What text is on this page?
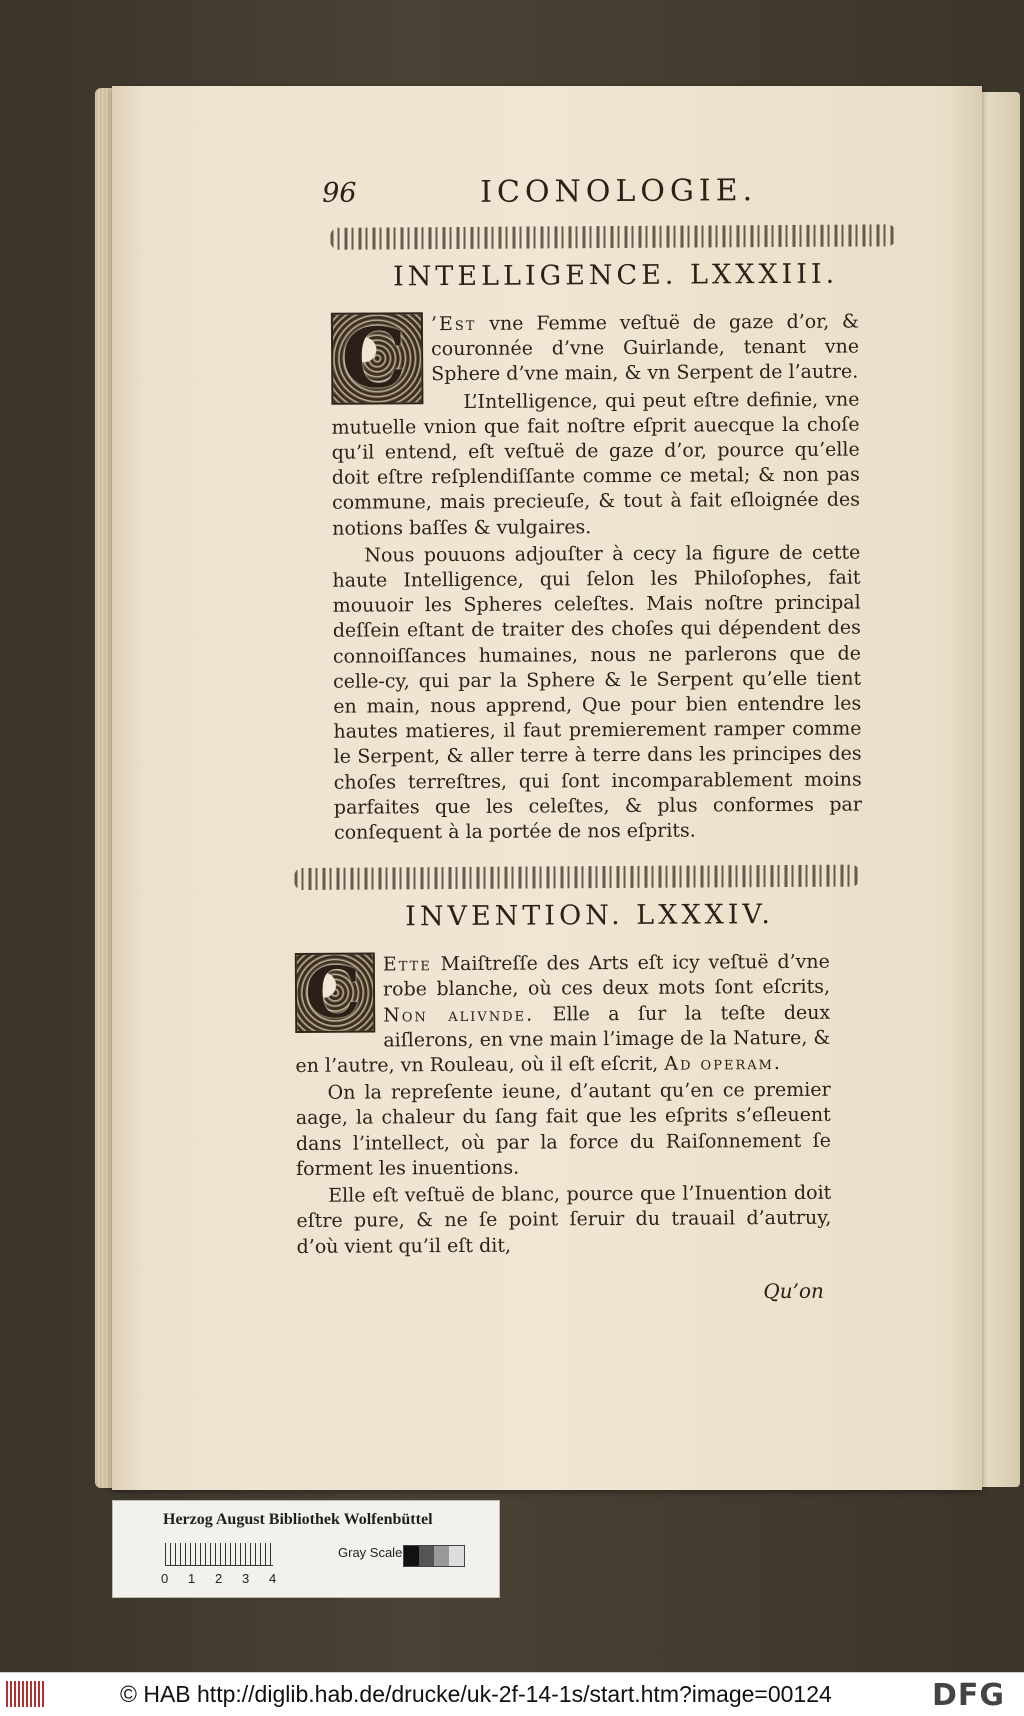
96	ICONOLOGIE.
INTELLIGENCE. LXXXIII.
C	’Est vne Femme veſtuë de gaze d’or, & couronnée d’vne Guirlande, tenant vne Sphere d’vne main, & vn Serpent de l’autre.

L’Intelligence, qui peut eſtre definie, vne mutuelle vnion que fait noſtre eſprit auecque la choſe qu’il entend, eſt veſtuë de gaze d’or, pource qu’elle doit eſtre reſplendiſſante comme ce metal; & non pas commune, mais precieuſe, & tout à fait eſloignée des notions baſſes & vulgaires.

Nous pouuons adjouſter à cecy la figure de cette haute Intelligence, qui ſelon les Philoſophes, fait mouuoir les Spheres celeſtes. Mais noſtre principal deſſein eſtant de traiter des choſes qui dépendent des connoiſſances humaines, nous ne parlerons que de celle-cy, qui par la Sphere & le Serpent qu’elle tient en main, nous apprend, Que pour bien entendre les hautes matieres, il faut premierement ramper comme le Serpent, & aller terre à terre dans les principes des choſes terreſtres, qui ſont incomparablement moins parfaites que les celeſtes, & plus conformes par conſequent à la portée de nos eſprits.

INVENTION. LXXXIV.
C	Ette Maiſtreſſe des Arts eſt icy veſtuë d’vne robe blanche, où ces deux mots ſont eſcrits, Non alivnde. Elle a ſur la teſte deux aiſlerons, en vne main l’image de la Nature, & en l’autre, vn Rouleau, où il eſt eſcrit, Ad operam.

On la repreſente ieune, d’autant qu’en ce premier aage, la chaleur du ſang fait que les eſprits s’eſleuent dans l’intellect, où par la force du Raiſonnement ſe forment les inuentions.

Elle eſt veſtuë de blanc, pource que l’Inuention doit eſtre pure, & ne ſe point ſeruir du trauail d’autruy, d’où vient qu’il eſt dit,

Qu’on
Herzog August Bibliothek Wolfenbüttel
0 1 2 3 4
Gray Scale
© HAB http://diglib.hab.de/drucke/uk-2f-14-1s/start.htm?image=00124	DFG
